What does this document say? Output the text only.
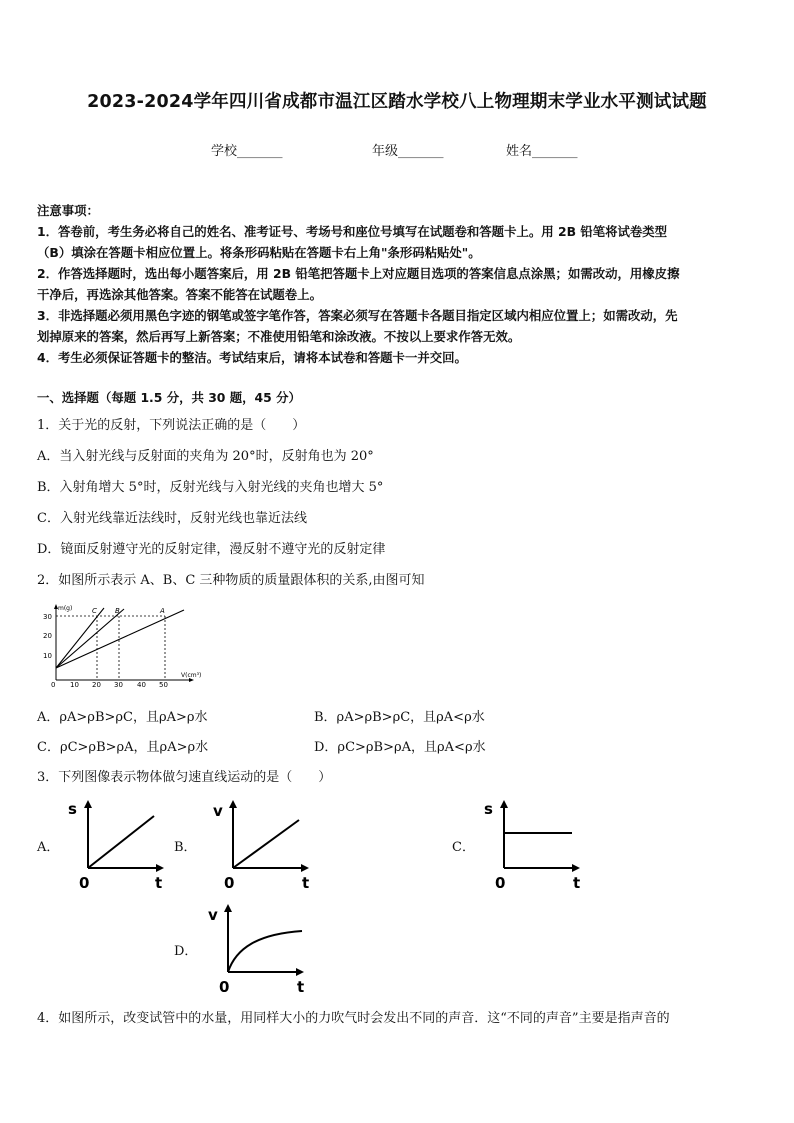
2023-2024学年四川省成都市温江区踏水学校八上物理期末学业水平测试试题
学校_______	年级_______	姓名_______
注意事项：
1．答卷前，考生务必将自己的姓名、准考证号、考场号和座位号填写在试题卷和答题卡上。用 2B 铅笔将试卷类型
（B）填涂在答题卡相应位置上。将条形码粘贴在答题卡右上角"条形码粘贴处"。
2．作答选择题时，选出每小题答案后，用 2B 铅笔把答题卡上对应题目选项的答案信息点涂黑；如需改动，用橡皮擦
干净后，再选涂其他答案。答案不能答在试题卷上。
3．非选择题必须用黑色字迹的钢笔或签字笔作答，答案必须写在答题卡各题目指定区域内相应位置上；如需改动，先
划掉原来的答案，然后再写上新答案；不准使用铅笔和涂改液。不按以上要求作答无效。
4．考生必须保证答题卡的整洁。考试结束后，请将本试卷和答题卡一并交回。
一、选择题（每题 1.5 分，共 30 题，45 分）
1．关于光的反射，下列说法正确的是（　　）
A．当入射光线与反射面的夹角为 20°时，反射角也为 20°
B．入射角增大 5°时，反射光线与入射光线的夹角也增大 5°
C．入射光线靠近法线时，反射光线也靠近法线
D．镜面反射遵守光的反射定律，漫反射不遵守光的反射定律
2．如图所示表示 A、B、C 三种物质的质量跟体积的关系,由图可知
m(g)
V(cm³)
30
20
10
0 10 20 30 40 50
C	B	A
A．ρA>ρB>ρC，且ρA>ρ水	B．ρA>ρB>ρC，且ρA<ρ水
C．ρC>ρB>ρA，且ρA>ρ水	D．ρC>ρB>ρA，且ρA<ρ水
3．下列图像表示物体做匀速直线运动的是（　　）
A．
s
0	t
B．
v
0	t
C．
s
0	t
D．
v
0	t
4．如图所示，改变试管中的水量，用同样大小的力吹气时会发出不同的声音．这“不同的声音”主要是指声音的
